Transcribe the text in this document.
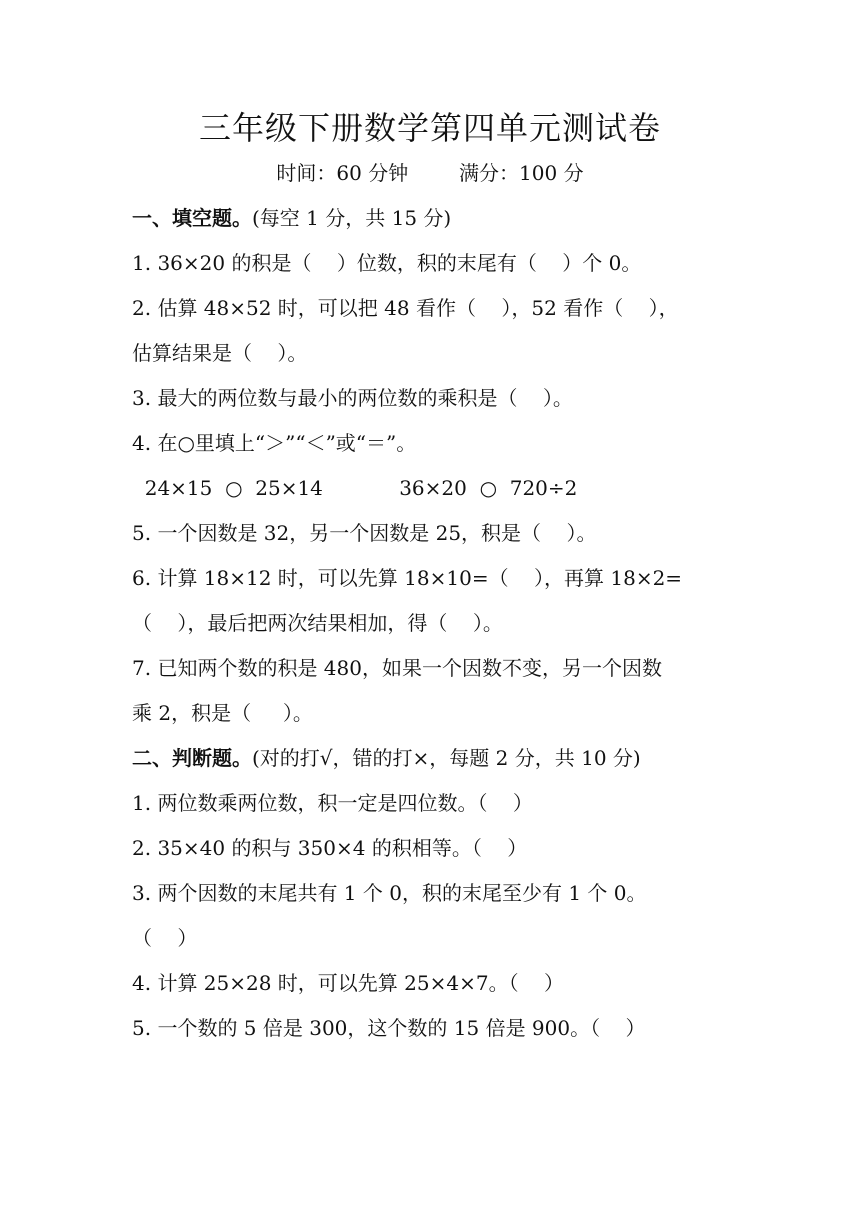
三年级下册数学第四单元测试卷
时间：60 分钟        满分：100 分
一、填空题。(每空 1 分，共 15 分)
1. 36×20 的积是（    ）位数，积的末尾有（    ）个 0。
2. 估算 48×52 时，可以把 48 看作（    ），52 看作（    ），
估算结果是（    ）。
3. 最大的两位数与最小的两位数的乘积是（    ）。
4. 在○里填上“＞”“＜”或“＝”。
24×15  ○  25×14            36×20  ○  720÷2
5. 一个因数是 32，另一个因数是 25，积是（    ）。
6. 计算 18×12 时，可以先算 18×10=（    ），再算 18×2=
（    ），最后把两次结果相加，得（    ）。
7. 已知两个数的积是 480，如果一个因数不变，另一个因数
乘 2，积是（     ）。
二、判断题。(对的打√，错的打×，每题 2 分，共 10 分)
1. 两位数乘两位数，积一定是四位数。（    ）
2. 35×40 的积与 350×4 的积相等。（    ）
3. 两个因数的末尾共有 1 个 0，积的末尾至少有 1 个 0。
（    ）
4. 计算 25×28 时，可以先算 25×4×7。（    ）
5. 一个数的 5 倍是 300，这个数的 15 倍是 900。（    ）
